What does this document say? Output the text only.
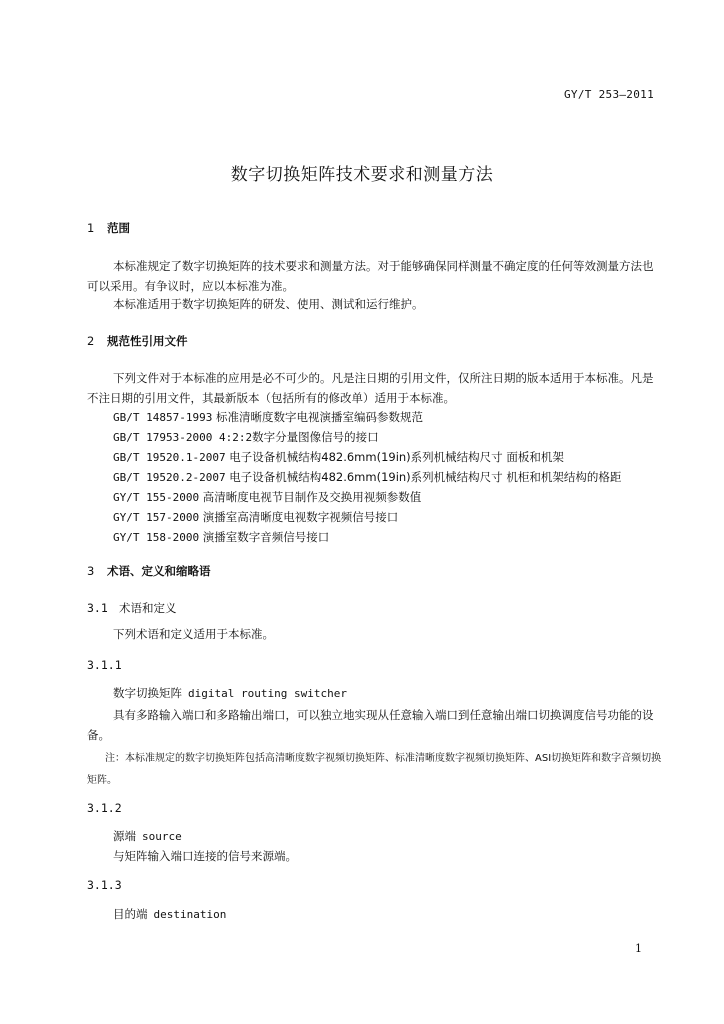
GY/T 253—2011
数字切换矩阵技术要求和测量方法
1 范围
本标准规定了数字切换矩阵的技术要求和测量方法。对于能够确保同样测量不确定度的任何等效测量方法也可以采用。有争议时，应以本标准为准。
本标准适用于数字切换矩阵的研发、使用、测试和运行维护。
2 规范性引用文件
下列文件对于本标准的应用是必不可少的。凡是注日期的引用文件，仅所注日期的版本适用于本标准。凡是不注日期的引用文件，其最新版本（包括所有的修改单）适用于本标准。
GB/T 14857-1993 标准清晰度数字电视演播室编码参数规范
GB/T 17953-2000 4:2:2数字分量图像信号的接口
GB/T 19520.1-2007 电子设备机械结构482.6mm(19in)系列机械结构尺寸 面板和机架
GB/T 19520.2-2007 电子设备机械结构482.6mm(19in)系列机械结构尺寸 机柜和机架结构的格距
GY/T 155-2000 高清晰度电视节目制作及交换用视频参数值
GY/T 157-2000 演播室高清晰度电视数字视频信号接口
GY/T 158-2000 演播室数字音频信号接口
3 术语、定义和缩略语
3.1 术语和定义
下列术语和定义适用于本标准。
3.1.1
数字切换矩阵 digital routing switcher
具有多路输入端口和多路输出端口，可以独立地实现从任意输入端口到任意输出端口切换调度信号功能的设备。
注：本标准规定的数字切换矩阵包括高清晰度数字视频切换矩阵、标准清晰度数字视频切换矩阵、ASI切换矩阵和数字音频切换矩阵。
3.1.2
源端 source
与矩阵输入端口连接的信号来源端。
3.1.3
目的端 destination
1
